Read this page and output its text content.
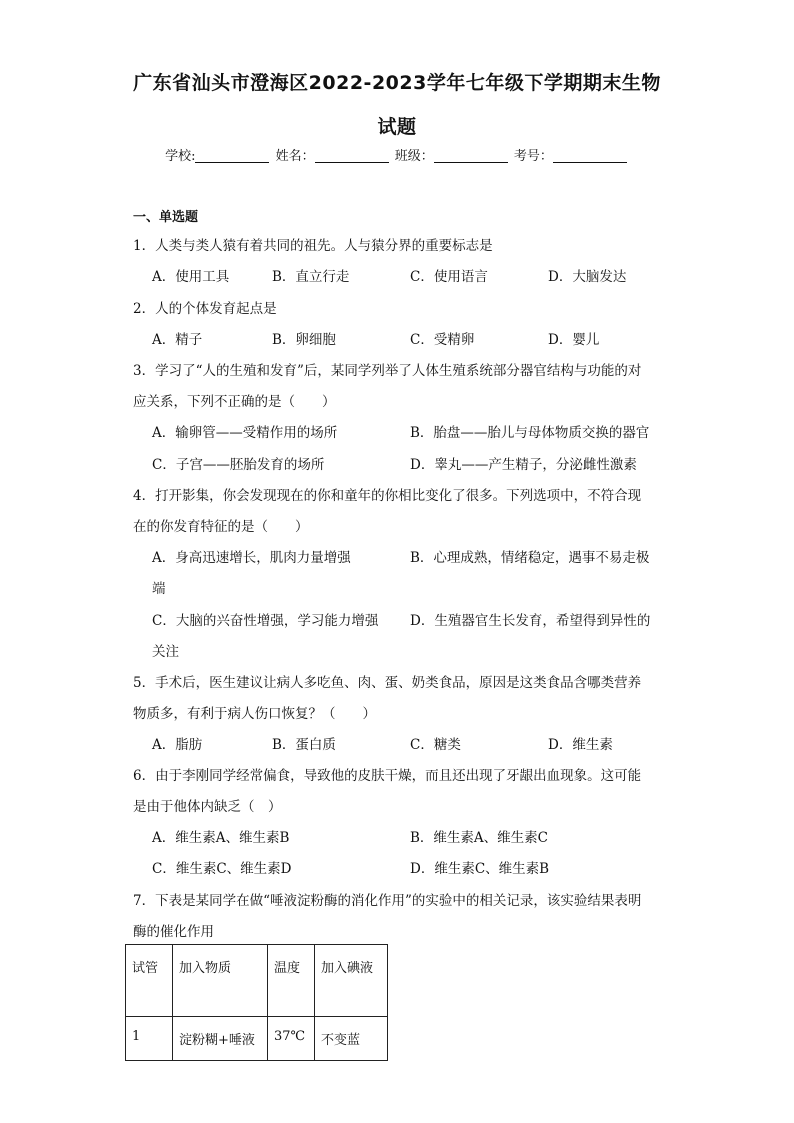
广东省汕头市澄海区2022-2023学年七年级下学期期末生物
试题
学校:	姓名：	班级：	考号：
一、单选题
1．人类与类人猿有着共同的祖先。人与猿分界的重要标志是
A．使用工具	B．直立行走	C．使用语言	D．大脑发达
2．人的个体发育起点是
A．精子	B．卵细胞	C．受精卵	D．婴儿
3．学习了“人的生殖和发育”后，某同学列举了人体生殖系统部分器官结构与功能的对
应关系，下列不正确的是（　　）
A．输卵管——受精作用的场所	B．胎盘——胎儿与母体物质交换的器官
C．子宫——胚胎发育的场所	D．睾丸——产生精子，分泌雌性激素
4．打开影集，你会发现现在的你和童年的你相比变化了很多。下列选项中，不符合现
在的你发育特征的是（　　）
A．身高迅速增长，肌肉力量增强	B．心理成熟，情绪稳定，遇事不易走极
端
C．大脑的兴奋性增强，学习能力增强 D．生殖器官生长发育，希望得到异性的
关注
5．手术后，医生建议让病人多吃鱼、肉、蛋、奶类食品，原因是这类食品含哪类营养
物质多，有利于病人伤口恢复？（　　）
A．脂肪	B．蛋白质	C．糖类	D．维生素
6．由于李刚同学经常偏食，导致他的皮肤干燥，而且还出现了牙龈出血现象。这可能
是由于他体内缺乏（　）
A．维生素A、维生素B	B．维生素A、维生素C
C．维生素C、维生素D	D．维生素C、维生素B
7．下表是某同学在做“唾液淀粉酶的消化作用”的实验中的相关记录，该实验结果表明
酶的催化作用
试管	加入物质	温度	加入碘液
1	淀粉糊+唾液	37℃	不变蓝
